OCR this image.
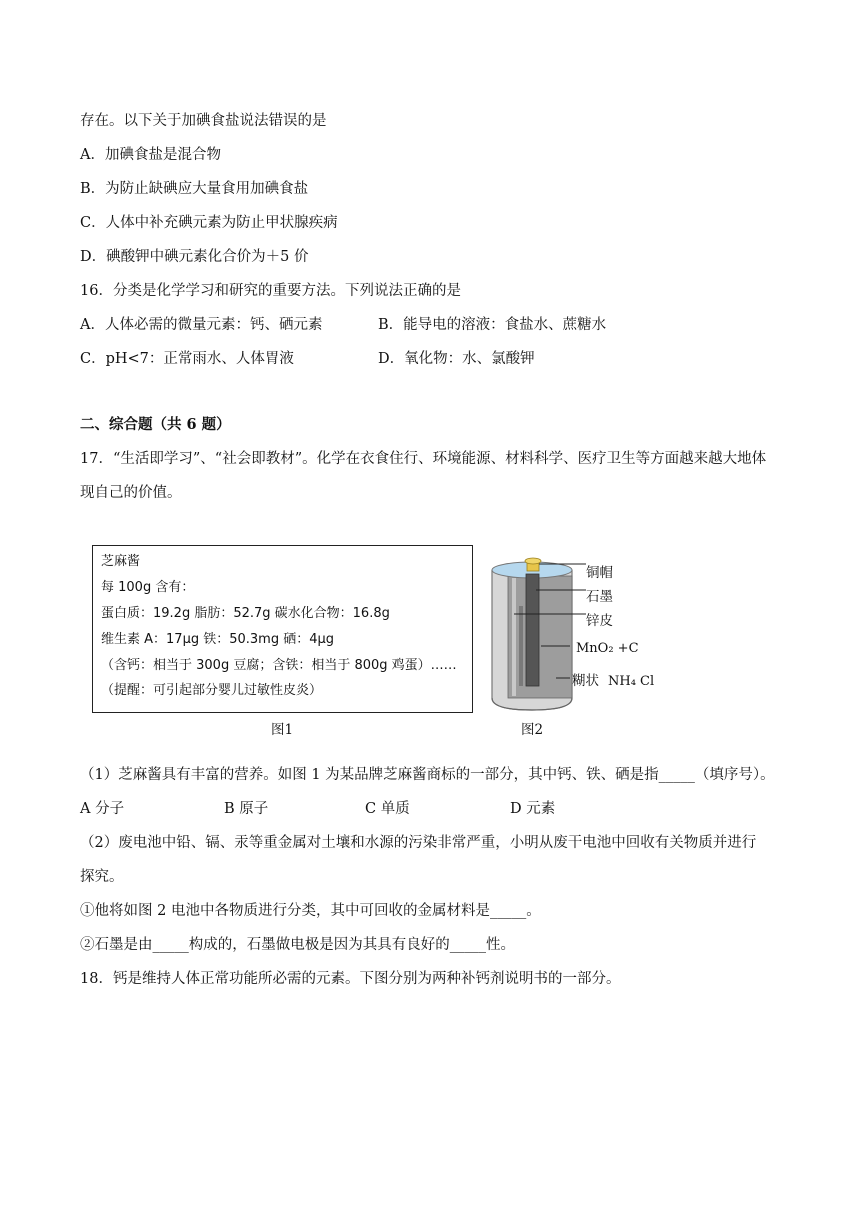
存在。以下关于加碘食盐说法错误的是
A．加碘食盐是混合物
B．为防止缺碘应大量食用加碘食盐
C．人体中补充碘元素为防止甲状腺疾病
D．碘酸钾中碘元素化合价为＋5 价
16．分类是化学学习和研究的重要方法。下列说法正确的是
A．人体必需的微量元素：钙、硒元素	B．能导电的溶液：食盐水、蔗糖水
C．pH<7：正常雨水、人体胃液	D．氧化物：水、氯酸钾
二、综合题（共 6 题）
17．“生活即学习”、“社会即教材”。化学在衣食住行、环境能源、材料科学、医疗卫生等方面越来越大地体
现自己的价值。
芝麻酱
每 100g 含有：
蛋白质：19.2g 脂肪：52.7g 碳水化合物：16.8g
维生素 A：17μg 铁：50.3mg 硒：4μg
（含钙：相当于 300g 豆腐；含铁：相当于 800g 鸡蛋）……
（提醒：可引起部分婴儿过敏性皮炎）
图1
铜帽
石墨
锌皮
MnO₂ +C
糊状 NH₄ Cl
图2
（1）芝麻酱具有丰富的营养。如图 1 为某品牌芝麻酱商标的一部分，其中钙、铁、硒是指_____（填序号）。
A 分子	B 原子	C 单质	D 元素
（2）废电池中铅、镉、汞等重金属对土壤和水源的污染非常严重，小明从废干电池中回收有关物质并进行
探究。
①他将如图 2 电池中各物质进行分类，其中可回收的金属材料是_____。
②石墨是由_____构成的，石墨做电极是因为其具有良好的_____性。
18．钙是维持人体正常功能所必需的元素。下图分别为两种补钙剂说明书的一部分。
